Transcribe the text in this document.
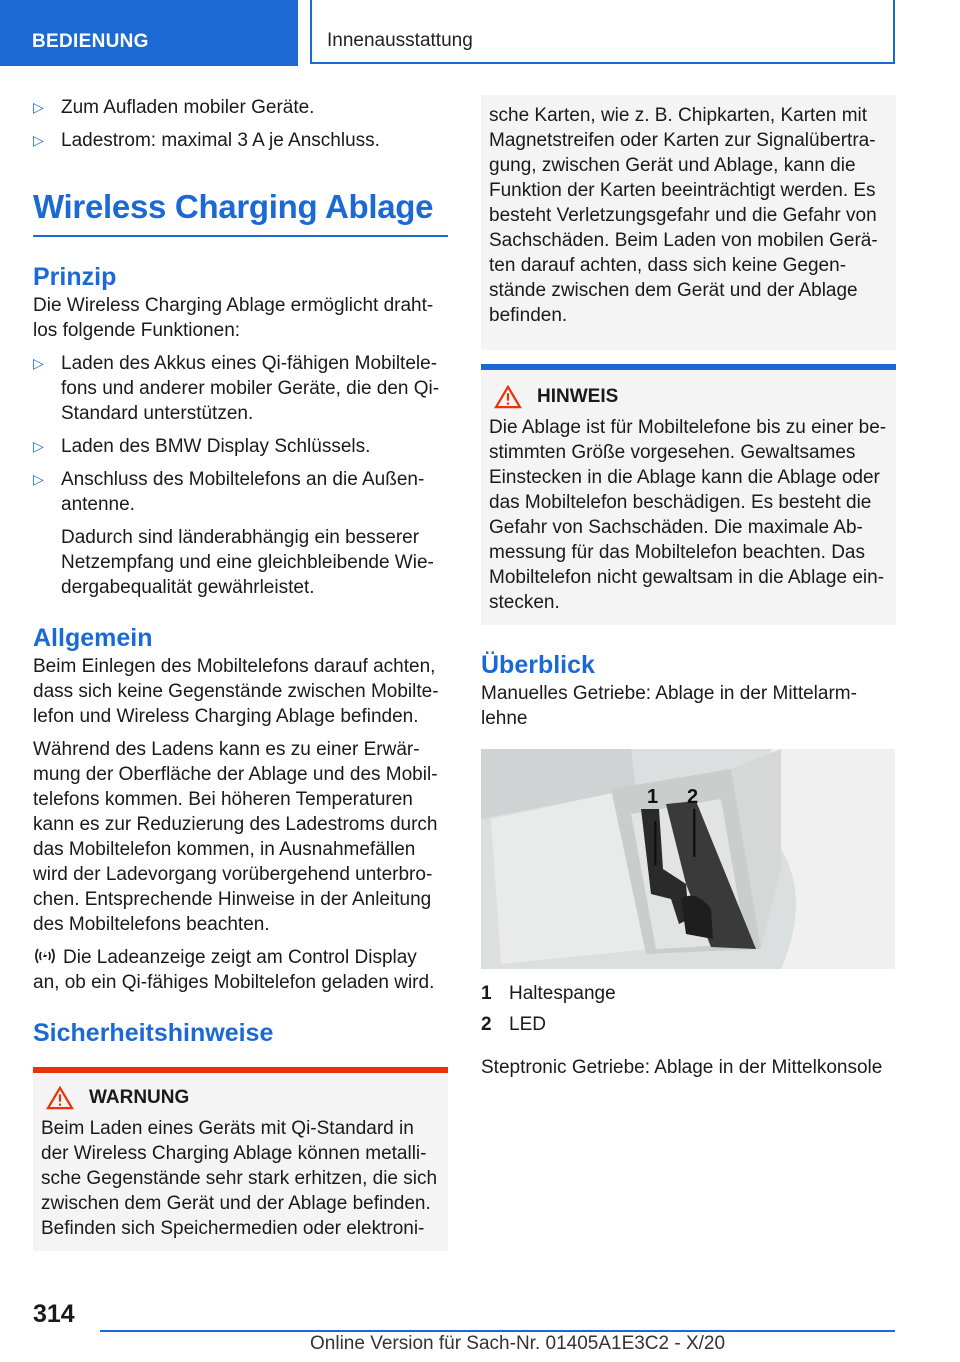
BEDIENUNG	Innenausstattung
▷ Zum Aufladen mobiler Geräte.
▷ Ladestrom: maximal 3 A je Anschluss.
Wireless Charging Ablage
Prinzip

Die Wireless Charging Ablage ermöglicht drahtlos folgende Funktionen:

▷ Laden des Akkus eines Qi-fähigen Mobiltelefons und anderer mobiler Geräte, die den Qi-Standard unterstützen.
▷ Laden des BMW Display Schlüssels.
▷ Anschluss des Mobiltelefons an die Außenantenne.

Dadurch sind länderabhängig ein besserer Netzempfang und eine gleichbleibende Wiedergabequalität gewährleistet.

Allgemein

Beim Einlegen des Mobiltelefons darauf achten, dass sich keine Gegenstände zwischen Mobiltelefon und Wireless Charging Ablage befinden.

Während des Ladens kann es zu einer Erwärmung der Oberfläche der Ablage und des Mobiltelefons kommen. Bei höheren Temperaturen kann es zur Reduzierung des Ladestroms durch das Mobiltelefon kommen, in Ausnahmefällen wird der Ladevorgang vorübergehend unterbrochen. Entsprechende Hinweise in der Anleitung des Mobiltelefons beachten.

Die Ladeanzeige zeigt am Control Display an, ob ein Qi-fähiges Mobiltelefon geladen wird.

Sicherheitshinweise
WARNUNG
Beim Laden eines Geräts mit Qi-Standard in der Wireless Charging Ablage können metallische Gegenstände sehr stark erhitzen, die sich zwischen dem Gerät und der Ablage befinden. Befinden sich Speichermedien oder elektroni-
sche Karten, wie z. B. Chipkarten, Karten mit Magnetstreifen oder Karten zur Signalübertragung, zwischen Gerät und Ablage, kann die Funktion der Karten beeinträchtigt werden. Es besteht Verletzungsgefahr und die Gefahr von Sachschäden. Beim Laden von mobilen Geräten darauf achten, dass sich keine Gegenstände zwischen dem Gerät und der Ablage befinden.
HINWEIS
Die Ablage ist für Mobiltelefone bis zu einer bestimmten Größe vorgesehen. Gewaltsames Einstecken in die Ablage kann die Ablage oder das Mobiltelefon beschädigen. Es besteht die Gefahr von Sachschäden. Die maximale Abmessung für das Mobiltelefon beachten. Das Mobiltelefon nicht gewaltsam in die Ablage einstecken.
Überblick

Manuelles Getriebe: Ablage in der Mittelarmlehne

1 2
1 Haltespange
2 LED

Steptronic Getriebe: Ablage in der Mittelkonsole

314
Online Version für Sach-Nr. 01405A1E3C2 - X/20
